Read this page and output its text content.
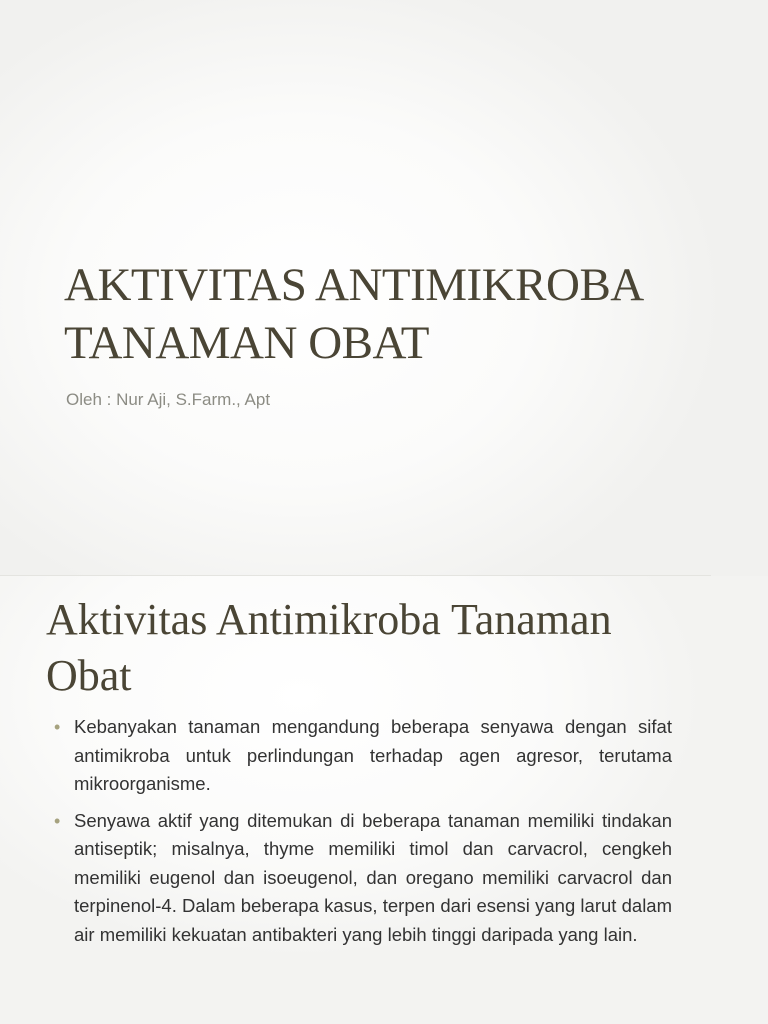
AKTIVITAS ANTIMIKROBA TANAMAN OBAT

Oleh : Nur Aji, S.Farm., Apt

Aktivitas Antimikroba Tanaman Obat
• Kebanyakan tanaman mengandung beberapa senyawa dengan sifat antimikroba untuk perlindungan terhadap agen agresor, terutama mikroorganisme.
• Senyawa aktif yang ditemukan di beberapa tanaman memiliki tindakan antiseptik; misalnya, thyme memiliki timol dan carvacrol, cengkeh memiliki eugenol dan isoeugenol, dan oregano memiliki carvacrol dan terpinenol-4. Dalam beberapa kasus, terpen dari esensi yang larut dalam air memiliki kekuatan antibakteri yang lebih tinggi daripada yang lain.
